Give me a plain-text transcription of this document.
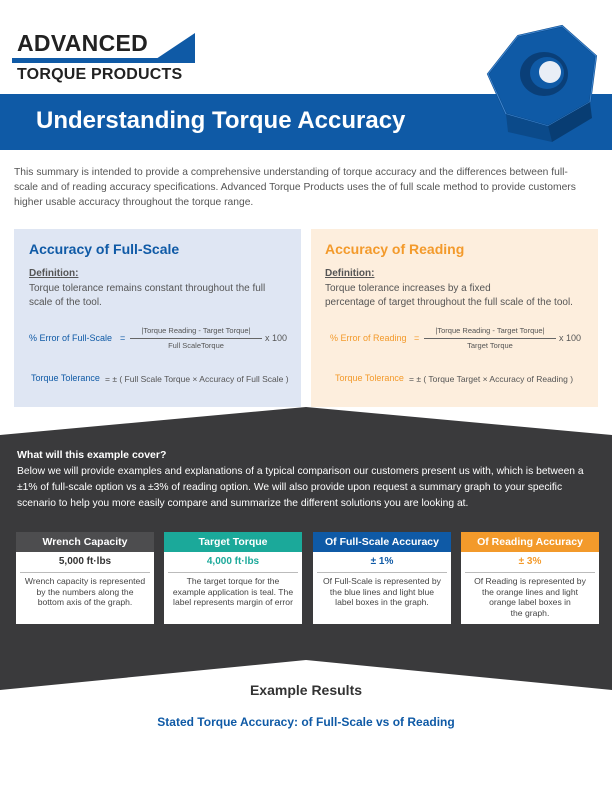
ADVANCED
TORQUE PRODUCTS
Understanding Torque Accuracy
This summary is intended to provide a comprehensive understanding of torque accuracy and the differences between full-scale and of reading accuracy specifications. Advanced Torque Products uses the of full scale method to provide customers higher usable accuracy throughout the torque range.
Accuracy of Full-Scale
Definition:
Torque tolerance remains constant throughout the full
scale of the tool.
% Error of Full-Scale =
|Torque Reading - Target Torque|
Full ScaleTorque
x 100
Torque Tolerance = ± ( Full Scale Torque × Accuracy of Full Scale )
Accuracy of Reading
Definition:
Torque tolerance increases by a fixed
percentage of target throughout the full scale of the tool.
% Error of Reading =
|Torque Reading - Target Torque|
Target Torque
x 100
Torque Tolerance = ± ( Torque Target × Accuracy of Reading )
What will this example cover?
Below we will provide examples and explanations of a typical comparison our customers present us with, which is between a
±1% of full-scale option vs a ±3% of reading option. We will also provide upon request a summary graph to your specific
scenario to help you more easily compare and summarize the different solutions you are looking at.
Wrench Capacity
5,000 ft·lbs
Wrench capacity is represented
by the numbers along the
bottom axis of the graph.
Target Torque
4,000 ft·lbs
The target torque for the
example application is teal. The
label represents margin of error
Of Full-Scale Accuracy
± 1%
Of Full-Scale is represented by
the blue lines and light blue
label boxes in the graph.
Of Reading Accuracy
± 3%
Of Reading is represented by
the orange lines and light
orange label boxes in
the graph.
Example Results
Stated Torque Accuracy: of Full-Scale vs of Reading
